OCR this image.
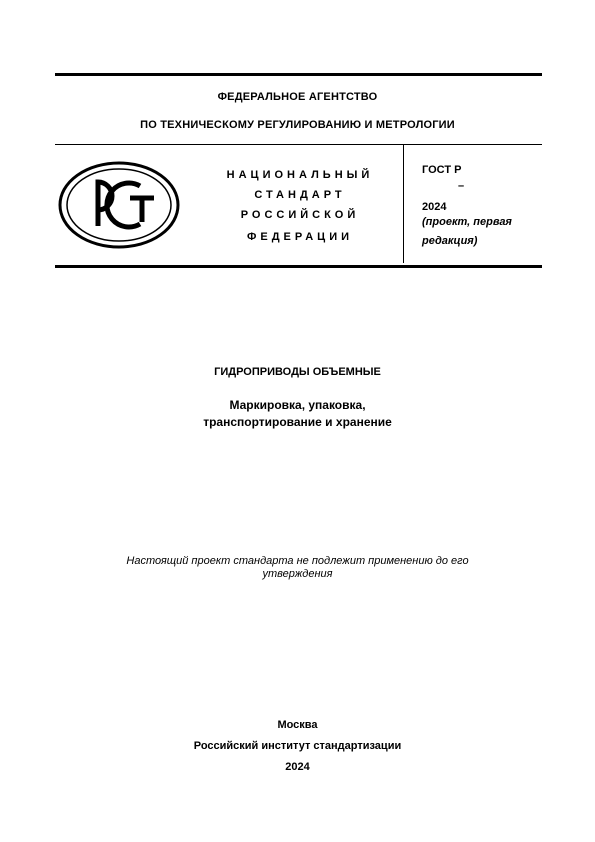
ФЕДЕРАЛЬНОЕ АГЕНТСТВО
ПО ТЕХНИЧЕСКОМУ РЕГУЛИРОВАНИЮ И МЕТРОЛОГИИ
НАЦИОНАЛЬНЫЙ
СТАНДАРТ
РОССИЙСКОЙ
ФЕДЕРАЦИИ
ГОСТ Р
–
2024
(проект, первая
редакция)
ГИДРОПРИВОДЫ ОБЪЕМНЫЕ
Маркировка, упаковка,
транспортирование и хранение
Настоящий проект стандарта не подлежит применению до его
утверждения
Москва
Российский институт стандартизации
2024
